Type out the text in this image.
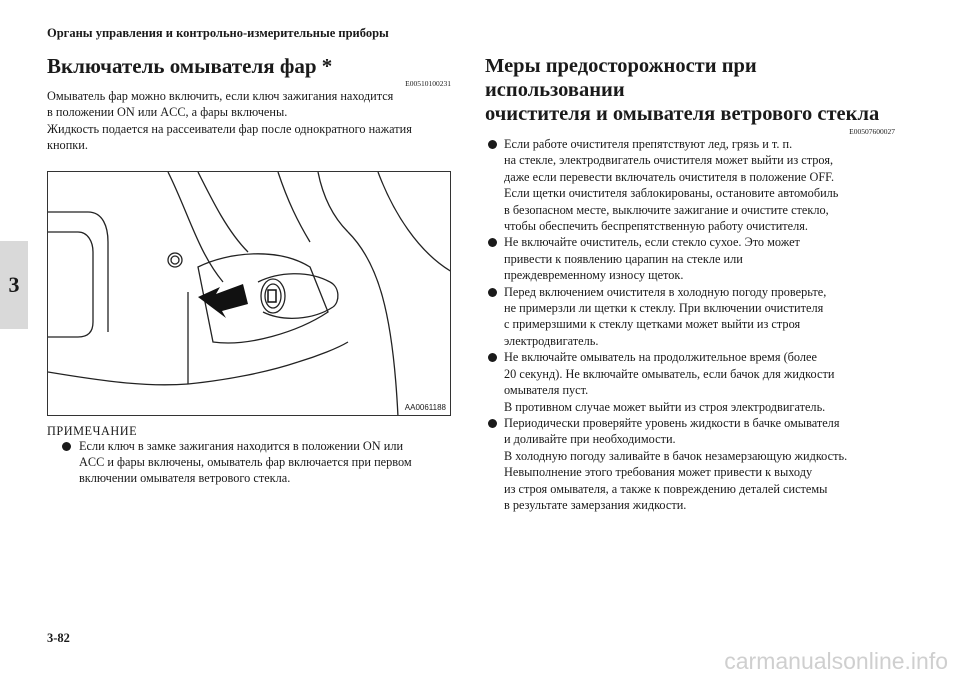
Органы управления и контрольно-измерительные приборы
3
Включатель омывателя фар *
E00510100231

Омыватель фар можно включить, если ключ зажигания находится
в положении ON или ACC, а фары включены.
Жидкость подается на рассеиватели фар после однократного нажатия
кнопки.

AA0061188
ПРИМЕЧАНИЕ
Если ключ в замке зажигания находится в положении ON или
ACC и фары включены, омыватель фар включается при первом
включении омывателя ветрового стекла.
Меры предосторожности при использовании
очистителя и омывателя ветрового стекла
E00507600027
Если работе очистителя препятствуют лед, грязь и т. п.
на стекле, электродвигатель очистителя может выйти из строя,
даже если перевести включатель очистителя в положение OFF.
Если щетки очистителя заблокированы, остановите автомобиль
в безопасном месте, выключите зажигание и очистите стекло,
чтобы обеспечить беспрепятственную работу очистителя.
Не включайте очиститель, если стекло сухое. Это может
привести к появлению царапин на стекле или
преждевременному износу щеток.
Перед включением очистителя в холодную погоду проверьте,
не примерзли ли щетки к стеклу. При включении очистителя
с примерзшими к стеклу щетками может выйти из строя
электродвигатель.
Не включайте омыватель на продолжительное время (более
20 секунд). Не включайте омыватель, если бачок для жидкости
омывателя пуст.
В противном случае может выйти из строя электродвигатель.
Периодически проверяйте уровень жидкости в бачке омывателя
и доливайте при необходимости.
В холодную погоду заливайте в бачок незамерзающую жидкость.
Невыполнение этого требования может привести к выходу
из строя омывателя, а также к повреждению деталей системы
в результате замерзания жидкости.
3-82
carmanualsonline.info
